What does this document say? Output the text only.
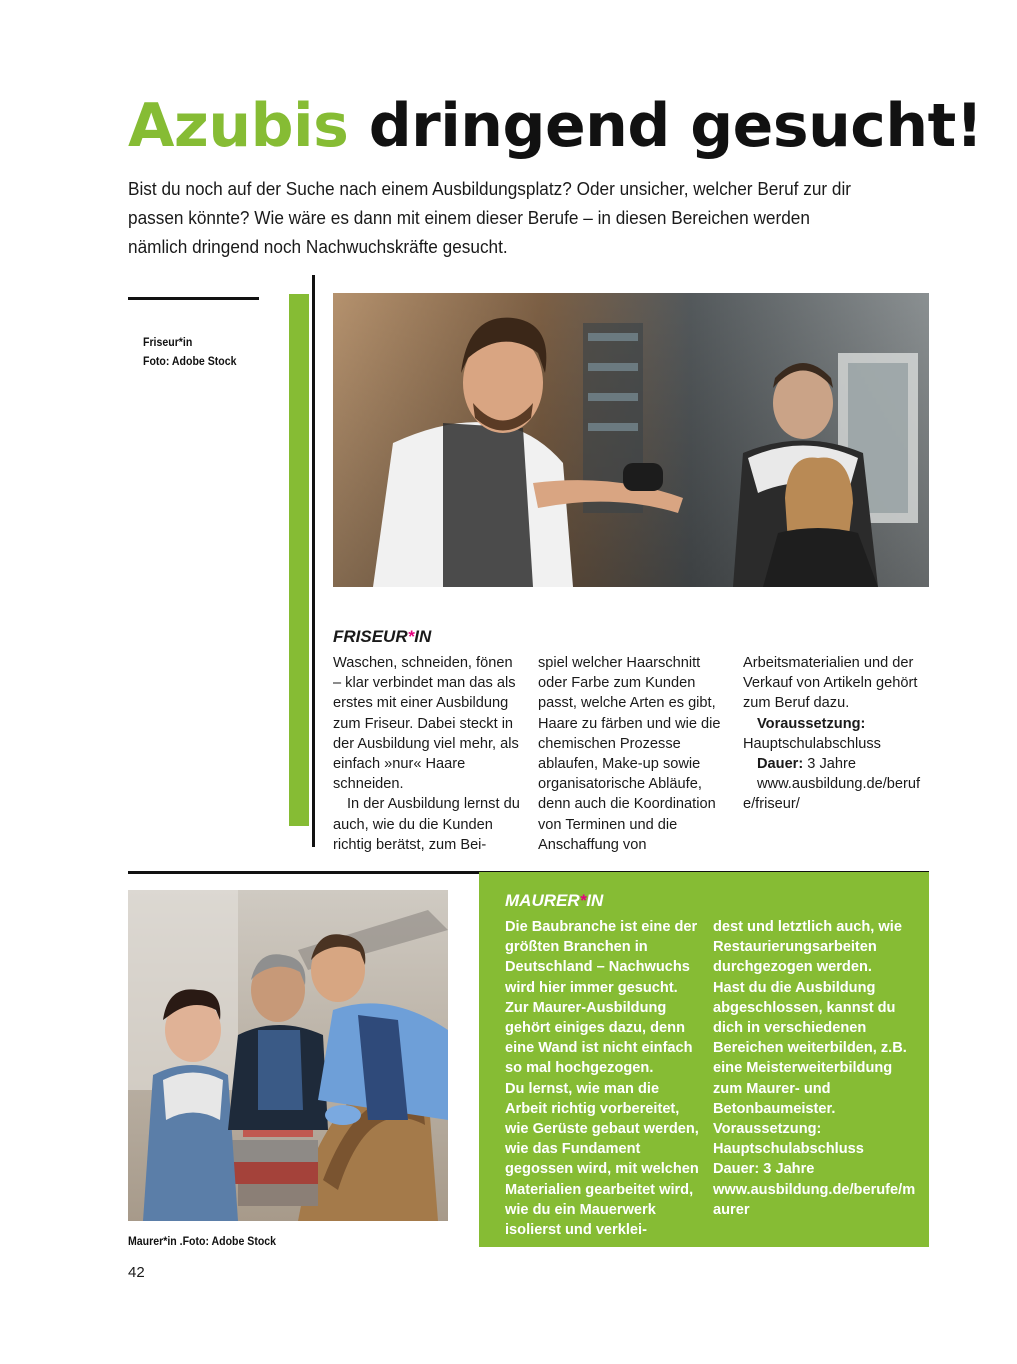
Azubis dringend gesucht!

Bist du noch auf der Suche nach einem Ausbildungsplatz? Oder unsicher, welcher Beruf zur dir passen könnte? Wie wäre es dann mit einem dieser Berufe – in diesen Bereichen werden nämlich dringend noch Nachwuchskräfte gesucht.

Friseur*in
Foto: Adobe Stock
FRISEUR*IN

Waschen, schneiden, fönen – klar verbindet man das als erstes mit einer Ausbildung zum Friseur. Dabei steckt in der Ausbildung viel mehr, als einfach »nur« Haare schneiden.

In der Ausbildung lernst du auch, wie du die Kunden richtig berätst, zum Bei-

spiel welcher Haarschnitt oder Farbe zum Kunden passt, welche Arten es gibt, Haare zu färben und wie die chemischen Prozesse ablaufen, Make-up sowie organisatorische Abläufe, denn auch die Koordination von Terminen und die Anschaffung von

Arbeitsmaterialien und der Verkauf von Artikeln gehört zum Beruf dazu.

Voraussetzung: Hauptschulabschluss

Dauer: 3 Jahre

www.ausbildung.de/berufe/friseur/

Maurer*in .Foto: Adobe Stock
MAURER*IN

Die Baubranche ist eine der größten Branchen in Deutschland – Nachwuchs wird hier immer gesucht. Zur Maurer-Ausbildung gehört einiges dazu, denn eine Wand ist nicht einfach so mal hochgezogen.

Du lernst, wie man die Arbeit richtig vorbereitet, wie Gerüste gebaut werden, wie das Fundament gegossen wird, mit welchen Materialien gearbeitet wird, wie du ein Mauerwerk isolierst und verklei-

dest und letztlich auch, wie Restaurierungsarbeiten durchgezogen werden.

Hast du die Ausbildung abgeschlossen, kannst du dich in verschiedenen Bereichen weiterbilden, z.B. eine Meisterweiterbildung zum Maurer- und Betonbaumeister.

Voraussetzung: Hauptschulabschluss

Dauer: 3 Jahre

www.ausbildung.de/berufe/maurer

42
